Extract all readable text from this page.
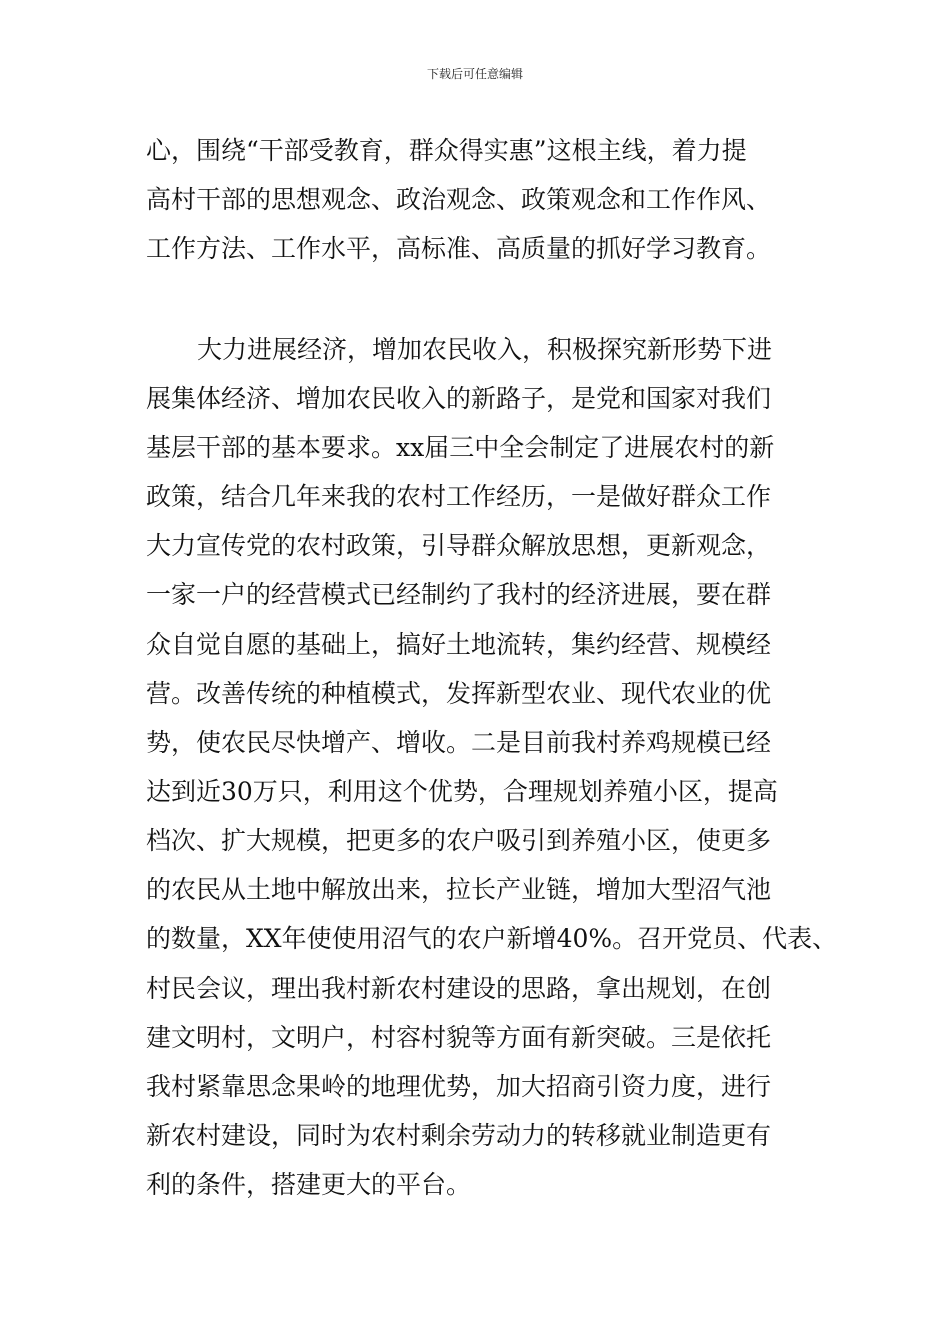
下载后可任意编辑
心，围绕“干部受教育，群众得实惠”这根主线，着力提
高村干部的思想观念、政治观念、政策观念和工作作风、
工作方法、工作水平，高标准、高质量的抓好学习教育。
大力进展经济，增加农民收入，积极探究新形势下进
展集体经济、增加农民收入的新路子，是党和国家对我们
基层干部的基本要求。xx届三中全会制定了进展农村的新
政策，结合几年来我的农村工作经历，一是做好群众工作
大力宣传党的农村政策，引导群众解放思想，更新观念，
一家一户的经营模式已经制约了我村的经济进展，要在群
众自觉自愿的基础上，搞好土地流转，集约经营、规模经
营。改善传统的种植模式，发挥新型农业、现代农业的优
势，使农民尽快增产、增收。二是目前我村养鸡规模已经
达到近30万只，利用这个优势，合理规划养殖小区，提高
档次、扩大规模，把更多的农户吸引到养殖小区，使更多
的农民从土地中解放出来，拉长产业链，增加大型沼气池
的数量，XX年使使用沼气的农户新增40%。召开党员、代表、
村民会议，理出我村新农村建设的思路，拿出规划，在创
建文明村，文明户，村容村貌等方面有新突破。三是依托
我村紧靠思念果岭的地理优势，加大招商引资力度，进行
新农村建设，同时为农村剩余劳动力的转移就业制造更有
利的条件，搭建更大的平台。
